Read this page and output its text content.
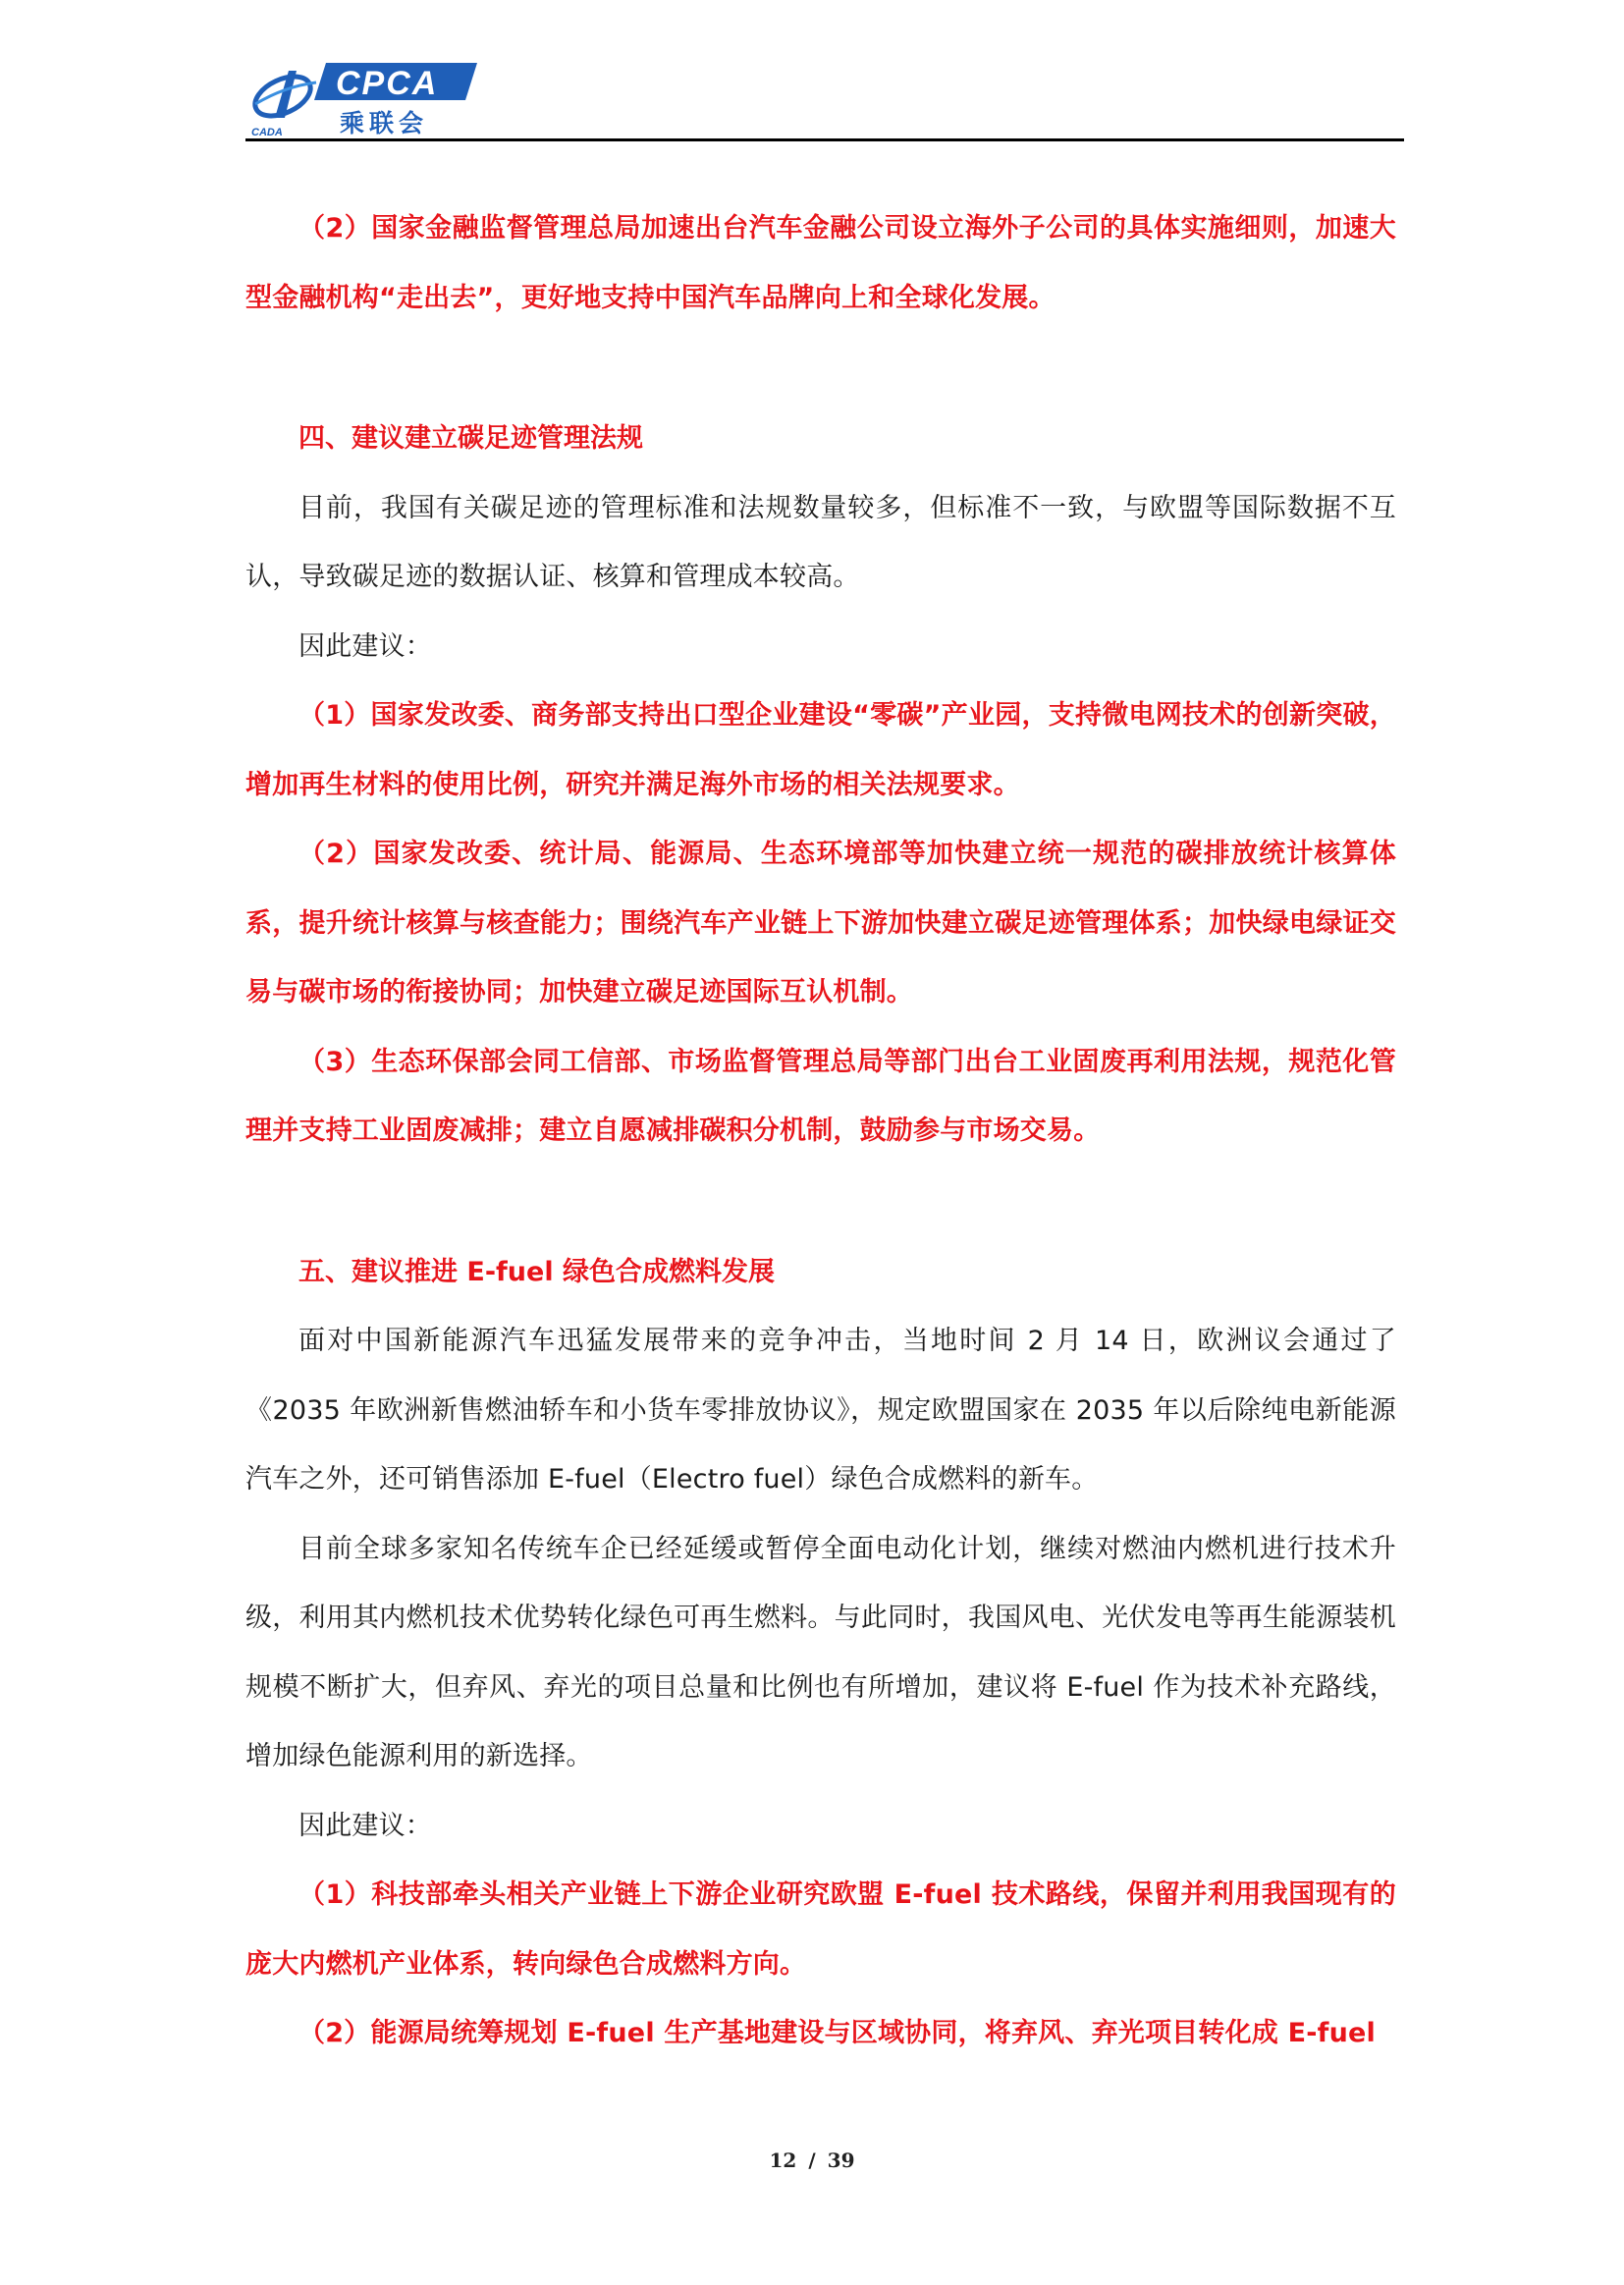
CADA
CPCA
乘联会

（2）国家金融监督管理总局加速出台汽车金融公司设立海外子公司的具体实施细则，加速大型金融机构“走出去”，更好地支持中国汽车品牌向上和全球化发展。

四、建议建立碳足迹管理法规

目前，我国有关碳足迹的管理标准和法规数量较多，但标准不一致，与欧盟等国际数据不互认，导致碳足迹的数据认证、核算和管理成本较高。

因此建议：

（1）国家发改委、商务部支持出口型企业建设“零碳”产业园，支持微电网技术的创新突破，增加再生材料的使用比例，研究并满足海外市场的相关法规要求。

（2）国家发改委、统计局、能源局、生态环境部等加快建立统一规范的碳排放统计核算体系，提升统计核算与核查能力；围绕汽车产业链上下游加快建立碳足迹管理体系；加快绿电绿证交易与碳市场的衔接协同；加快建立碳足迹国际互认机制。

（3）生态环保部会同工信部、市场监督管理总局等部门出台工业固废再利用法规，规范化管理并支持工业固废减排；建立自愿减排碳积分机制，鼓励参与市场交易。

五、建议推进 E-fuel 绿色合成燃料发展

面对中国新能源汽车迅猛发展带来的竞争冲击，当地时间 2 月 14 日，欧洲议会通过了《2035 年欧洲新售燃油轿车和小货车零排放协议》，规定欧盟国家在 2035 年以后除纯电新能源汽车之外，还可销售添加 E-fuel（Electro fuel）绿色合成燃料的新车。

目前全球多家知名传统车企已经延缓或暂停全面电动化计划，继续对燃油内燃机进行技术升级，利用其内燃机技术优势转化绿色可再生燃料。与此同时，我国风电、光伏发电等再生能源装机规模不断扩大，但弃风、弃光的项目总量和比例也有所增加，建议将 E-fuel 作为技术补充路线，增加绿色能源利用的新选择。

因此建议：

（1）科技部牵头相关产业链上下游企业研究欧盟 E-fuel 技术路线，保留并利用我国现有的庞大内燃机产业体系，转向绿色合成燃料方向。

（2）能源局统筹规划 E-fuel 生产基地建设与区域协同，将弃风、弃光项目转化成 E-fuel

12 / 39
